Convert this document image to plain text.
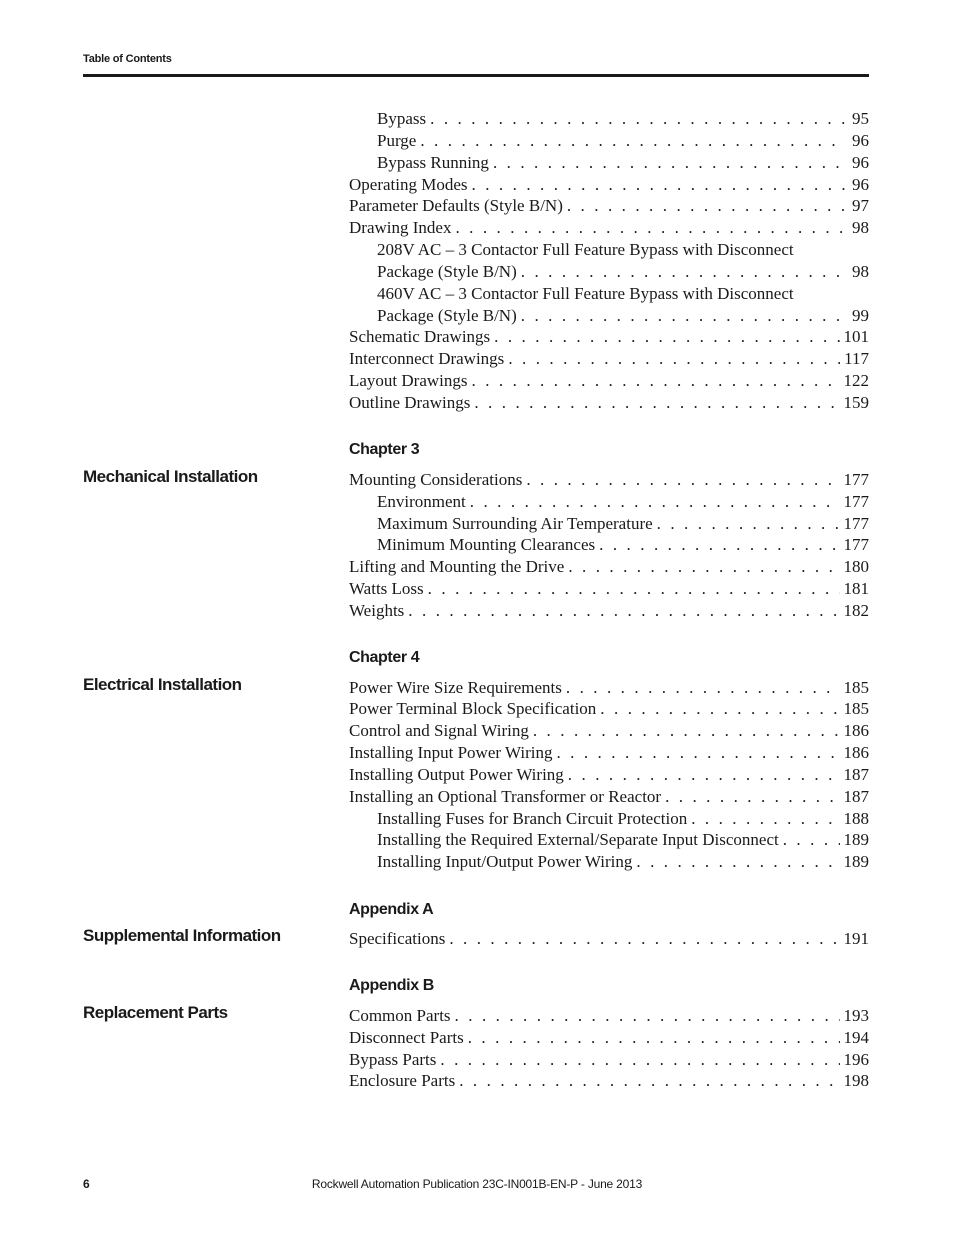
Table of Contents
Bypass . . .	95
Purge . . .	96
Bypass Running . . .	96
Operating Modes . . .	96
Parameter Defaults (Style B/N) . . .	97
Drawing Index . . .	98
208V AC – 3 Contactor Full Feature Bypass with Disconnect
Package (Style B/N) . . .	98
460V AC – 3 Contactor Full Feature Bypass with Disconnect
Package (Style B/N) . . .	99
Schematic Drawings . . .	101
Interconnect Drawings . . .	117
Layout Drawings . . .	122
Outline Drawings . . .	159
Chapter 3
Mechanical Installation	Mounting Considerations . . .	177
Environment . . .	177
Maximum Surrounding Air Temperature . . .	177
Minimum Mounting Clearances . . .	177
Lifting and Mounting the Drive . . .	180
Watts Loss . . .	181
Weights . . .	182
Chapter 4
Electrical Installation	Power Wire Size Requirements . . .	185
Power Terminal Block Specification . . .	185
Control and Signal Wiring . . .	186
Installing Input Power Wiring . . .	186
Installing Output Power Wiring . . .	187
Installing an Optional Transformer or Reactor . . .	187
Installing Fuses for Branch Circuit Protection . . .	188
Installing the Required External/Separate Input Disconnect . . .	189
Installing Input/Output Power Wiring . . .	189
Appendix A
Supplemental Information	Specifications . . .	191
Appendix B
Replacement Parts	Common Parts . . .	193
Disconnect Parts . . .	194
Bypass Parts . . .	196
Enclosure Parts . . .	198
6	Rockwell Automation Publication 23C-IN001B-EN-P - June 2013
